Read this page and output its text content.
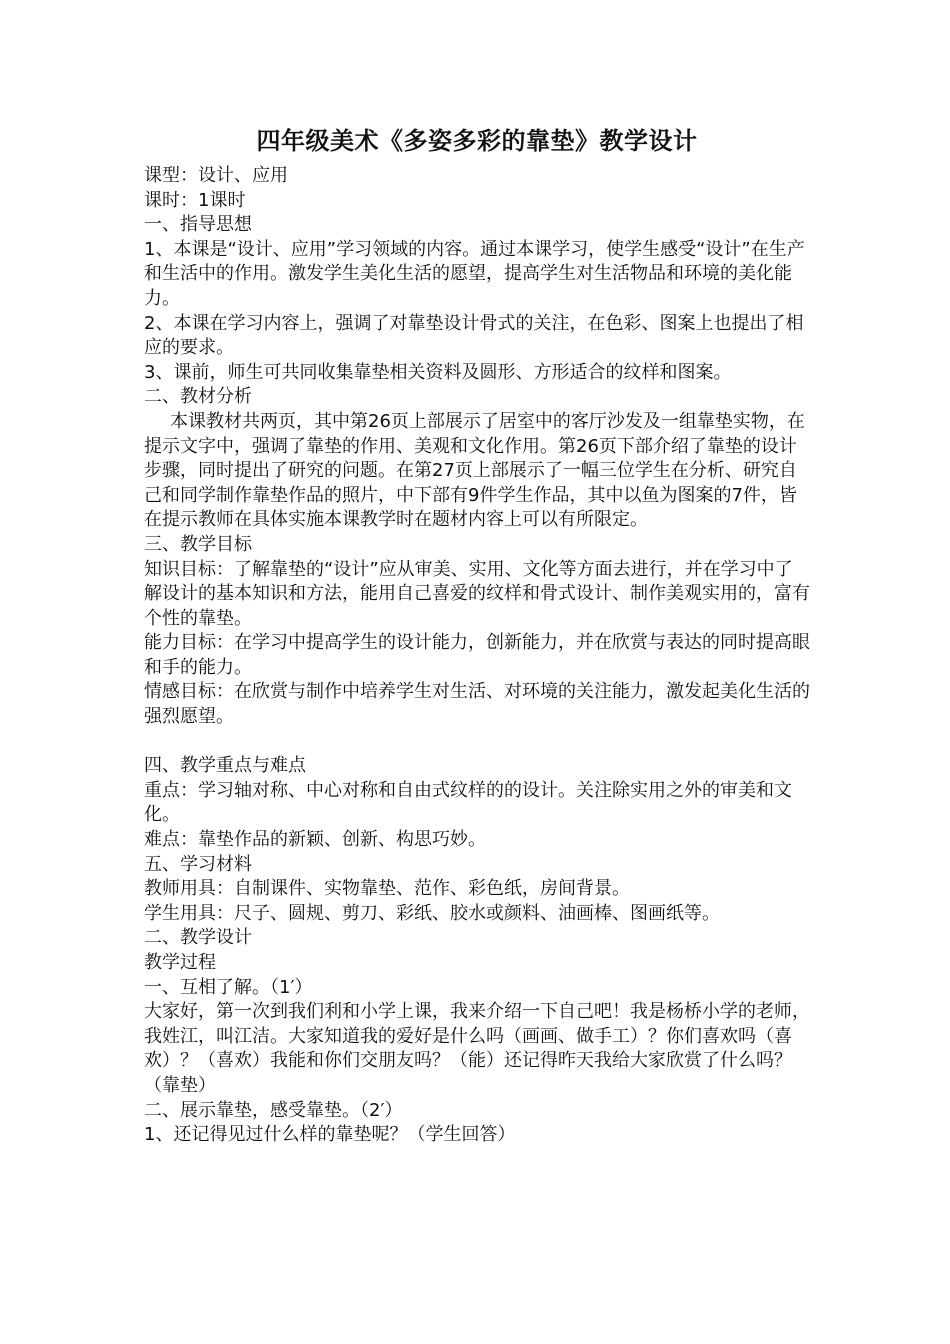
四年级美术《多姿多彩的靠垫》教学设计

课型：设计、应用

课时：1课时

一、指导思想

1、本课是“设计、应用”学习领域的内容。通过本课学习，使学生感受“设计”在生产和生活中的作用。激发学生美化生活的愿望，提高学生对生活物品和环境的美化能力。

2、本课在学习内容上，强调了对靠垫设计骨式的关注，在色彩、图案上也提出了相应的要求。

3、课前，师生可共同收集靠垫相关资料及圆形、方形适合的纹样和图案。

二、教材分析

本课教材共两页，其中第26页上部展示了居室中的客厅沙发及一组靠垫实物，在提示文字中，强调了靠垫的作用、美观和文化作用。第26页下部介绍了靠垫的设计步骤，同时提出了研究的问题。在第27页上部展示了一幅三位学生在分析、研究自己和同学制作靠垫作品的照片，中下部有9件学生作品，其中以鱼为图案的7件，皆在提示教师在具体实施本课教学时在题材内容上可以有所限定。

三、教学目标

知识目标：了解靠垫的“设计”应从审美、实用、文化等方面去进行，并在学习中了解设计的基本知识和方法，能用自己喜爱的纹样和骨式设计、制作美观实用的，富有个性的靠垫。

能力目标：在学习中提高学生的设计能力，创新能力，并在欣赏与表达的同时提高眼和手的能力。

情感目标：在欣赏与制作中培养学生对生活、对环境的关注能力，激发起美化生活的强烈愿望。

四、教学重点与难点

重点：学习轴对称、中心对称和自由式纹样的的设计。关注除实用之外的审美和文化。

难点：靠垫作品的新颖、创新、构思巧妙。

五、学习材料

教师用具：自制课件、实物靠垫、范作、彩色纸，房间背景。

学生用具：尺子、圆规、剪刀、彩纸、胶水或颜料、油画棒、图画纸等。

二、教学设计

教学过程

一、互相了解。（1′）

大家好，第一次到我们利和小学上课，我来介绍一下自己吧！我是杨桥小学的老师，我姓江，叫江洁。大家知道我的爱好是什么吗（画画、做手工）？你们喜欢吗（喜欢）？（喜欢）我能和你们交朋友吗？（能）还记得昨天我给大家欣赏了什么吗？（靠垫）

二、展示靠垫，感受靠垫。（2′）

1、还记得见过什么样的靠垫呢？（学生回答）
